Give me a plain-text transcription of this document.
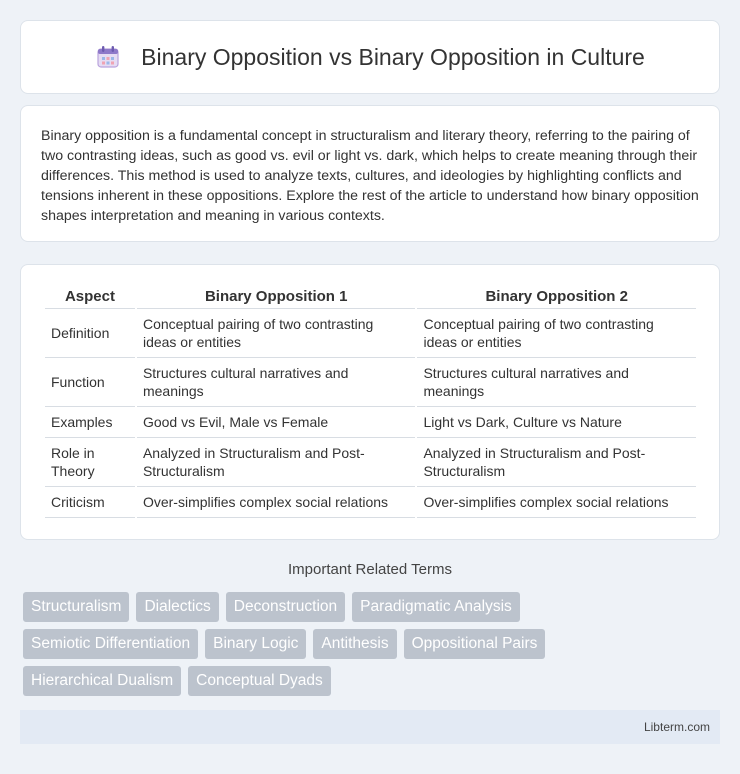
Binary Opposition vs Binary Opposition in Culture

Binary opposition is a fundamental concept in structuralism and literary theory, referring to the pairing of two contrasting ideas, such as good vs. evil or light vs. dark, which helps to create meaning through their differences. This method is used to analyze texts, cultures, and ideologies by highlighting conflicts and tensions inherent in these oppositions. Explore the rest of the article to understand how binary opposition shapes interpretation and meaning in various contexts.

Aspect	Binary Opposition 1	Binary Opposition 2
Definition	Conceptual pairing of two contrasting ideas or entities	Conceptual pairing of two contrasting ideas or entities
Function	Structures cultural narratives and meanings	Structures cultural narratives and meanings
Examples	Good vs Evil, Male vs Female	Light vs Dark, Culture vs Nature
Role in Theory	Analyzed in Structuralism and Post-Structuralism	Analyzed in Structuralism and Post-Structuralism
Criticism	Over-simplifies complex social relations	Over-simplifies complex social relations
Important Related Terms
Structuralism	Dialectics	Deconstruction	Paradigmatic Analysis
Semiotic Differentiation	Binary Logic	Antithesis	Oppositional Pairs
Hierarchical Dualism	Conceptual Dyads
Libterm.com
